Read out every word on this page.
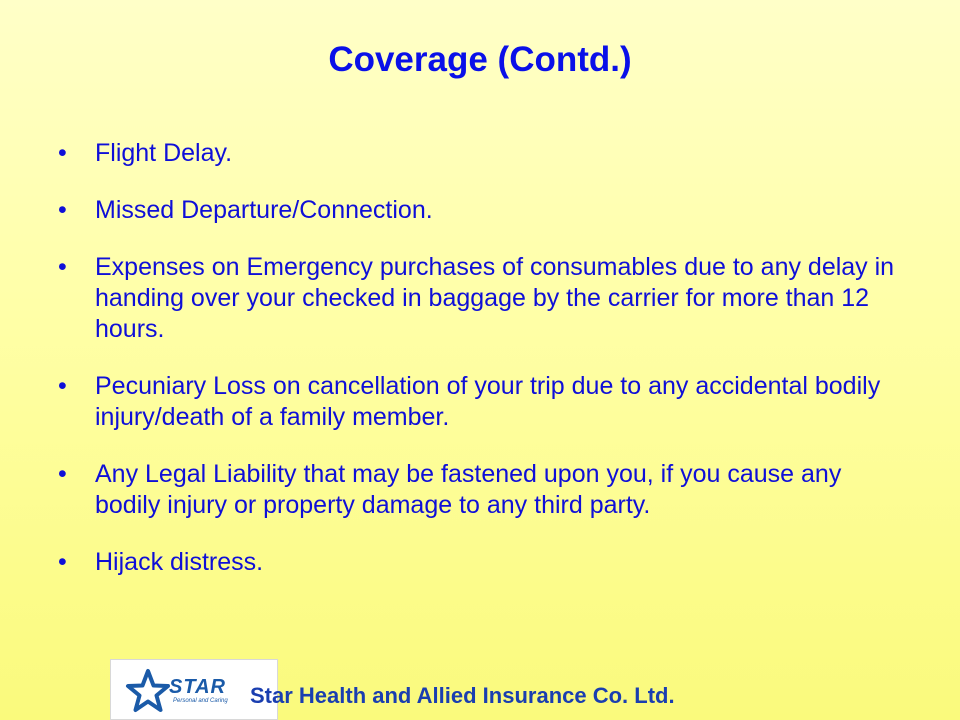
Coverage (Contd.)
• Flight Delay.
• Missed Departure/Connection.
• Expenses on Emergency purchases of consumables due to any delay in handing over your checked in baggage by the carrier for more than 12 hours.
• Pecuniary Loss on cancellation of your trip due to any accidental bodily injury/death of a family member.
• Any Legal Liability that may be fastened upon you, if you cause any bodily injury or property damage to any third party.
• Hijack distress.
STAR
Personal and Caring Star Health and Allied Insurance Co. Ltd.
